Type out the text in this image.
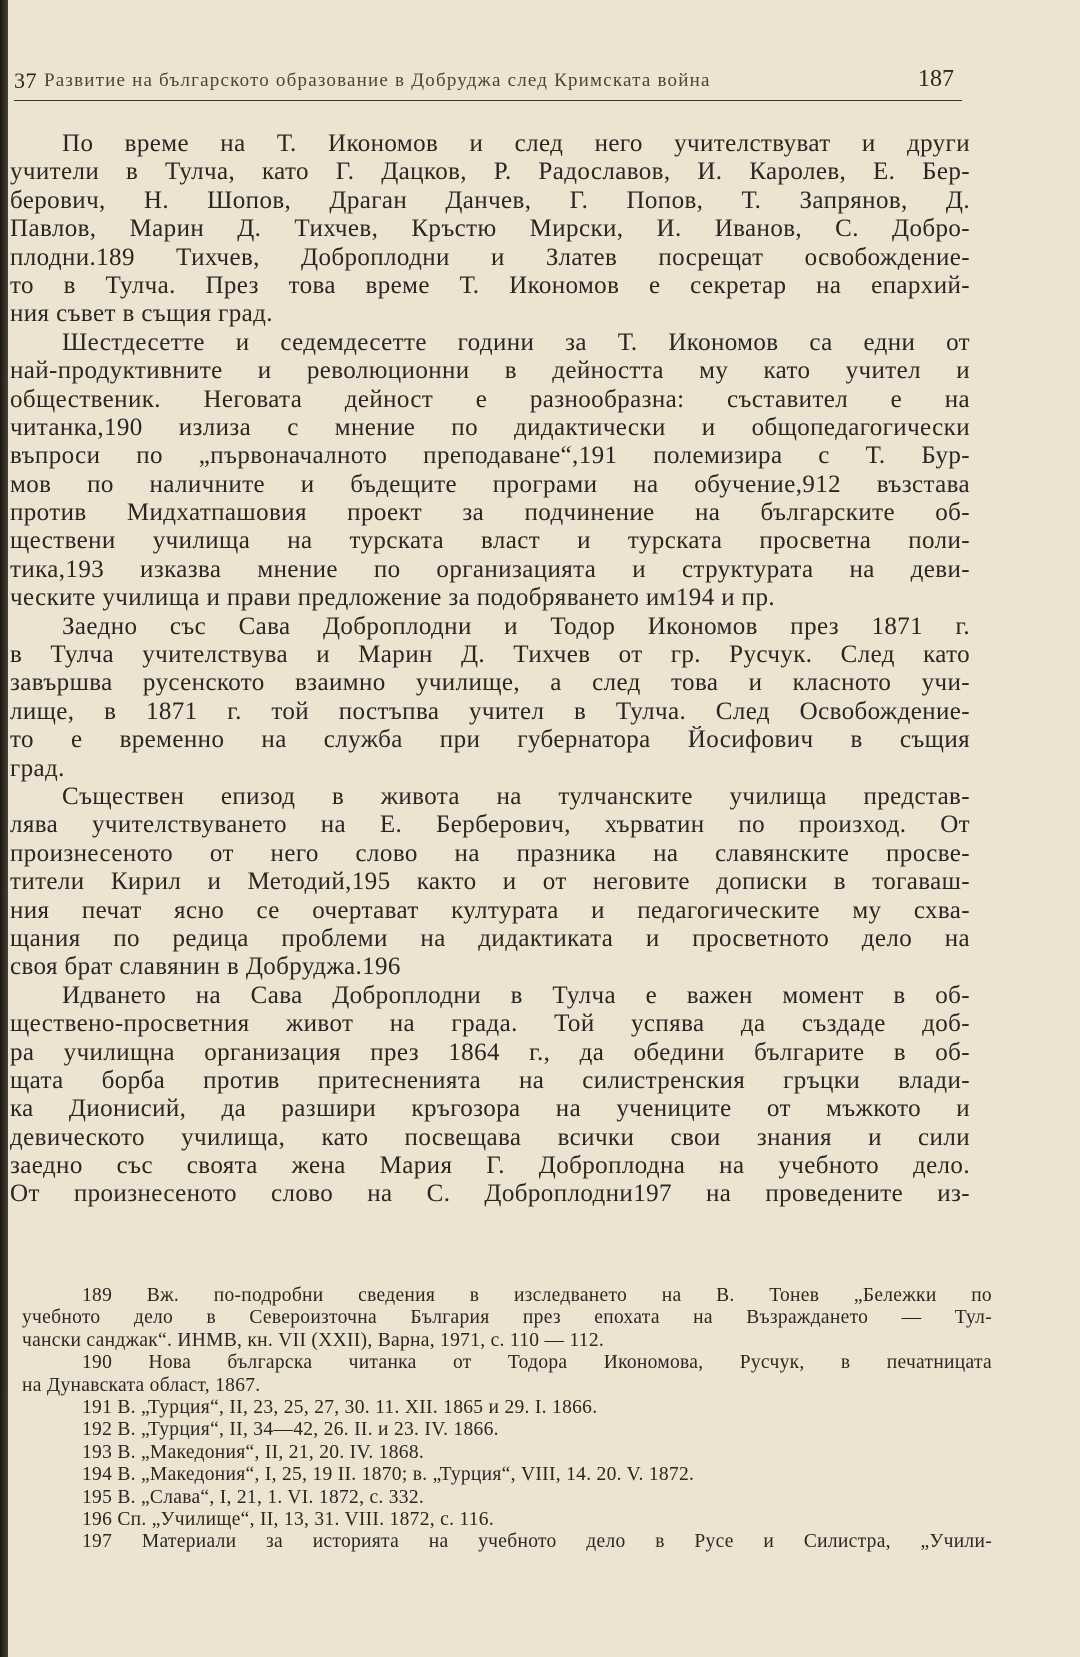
37 Развитие на българското образование в Добруджа след Кримската война	187
По време на Т. Икономов и след него учителствуват и други
учители в Тулча, като Г. Дацков, Р. Радославов, И. Каролев, Е. Бер-
берович, Н. Шопов, Драган Данчев, Г. Попов, Т. Запрянов, Д.
Павлов, Марин Д. Тихчев, Кръстю Мирски, И. Иванов, С. Добро-
плодни.189 Тихчев, Доброплодни и Златев посрещат освобождение-
то в Тулча. През това време Т. Икономов е секретар на епархий-
ния съвет в същия град.
Шестдесетте и седемдесетте години за Т. Икономов са едни от
най-продуктивните и революционни в дейността му като учител и
общественик. Неговата дейност е разнообразна: съставител е на
читанка,190 излиза с мнение по дидактически и общопедагогически
въпроси по „първоначалното преподаване“,191 полемизира с Т. Бур-
мов по наличните и бъдещите програми на обучение,912 възстава
против Мидхатпашовия проект за подчинение на българските об-
ществени училища на турската власт и турската просветна поли-
тика,193 изказва мнение по организацията и структурата на деви-
ческите училища и прави предложение за подобряването им194 и пр.
Заедно със Сава Доброплодни и Тодор Икономов през 1871 г.
в Тулча учителствува и Марин Д. Тихчев от гр. Русчук. След като
завършва русенското взаимно училище, а след това и класното учи-
лище, в 1871 г. той постъпва учител в Тулча. След Освобождение-
то е временно на служба при губернатора Йосифович в същия
град.
Съществен епизод в живота на тулчанските училища представ-
лява учителствуването на Е. Берберович, хърватин по произход. От
произнесеното от него слово на празника на славянските просве-
тители Кирил и Методий,195 както и от неговите дописки в тогаваш-
ния печат ясно се очертават културата и педагогическите му схва-
щания по редица проблеми на дидактиката и просветното дело на
своя брат славянин в Добруджа.196
Идването на Сава Доброплодни в Тулча е важен момент в об-
ществено-просветния живот на града. Той успява да създаде доб-
ра училищна организация през 1864 г., да обедини българите в об-
щата борба против притесненията на силистренския гръцки влади-
ка Дионисий, да разшири кръгозора на учениците от мъжкото и
девическото училища, като посвещава всички свои знания и сили
заедно със своята жена Мария Г. Доброплодна на учебното дело.
От произнесеното слово на С. Доброплодни197 на проведените из-
189 Вж. по-подробни сведения в изследването на В. Тонев „Бележки по
учебното дело в Североизточна България през епохата на Възраждането — Тул-
чански санджак“. ИНМВ, кн. VII (XXII), Варна, 1971, с. 110 — 112.
190 Нова българска читанка от Тодора Икономова, Русчук, в печатницата
на Дунавската област, 1867.
191 В. „Турция“, II, 23, 25, 27, 30. 11. XII. 1865 и 29. I. 1866.
192 В. „Турция“, II, 34—42, 26. II. и 23. IV. 1866.
193 В. „Македония“, II, 21, 20. IV. 1868.
194 В. „Македония“, I, 25, 19 II. 1870; в. „Турция“, VIII, 14. 20. V. 1872.
195 В. „Слава“, I, 21, 1. VI. 1872, с. 332.
196 Сп. „Училище“, II, 13, 31. VIII. 1872, с. 116.
197 Материали за историята на учебното дело в Русе и Силистра, „Учили-
